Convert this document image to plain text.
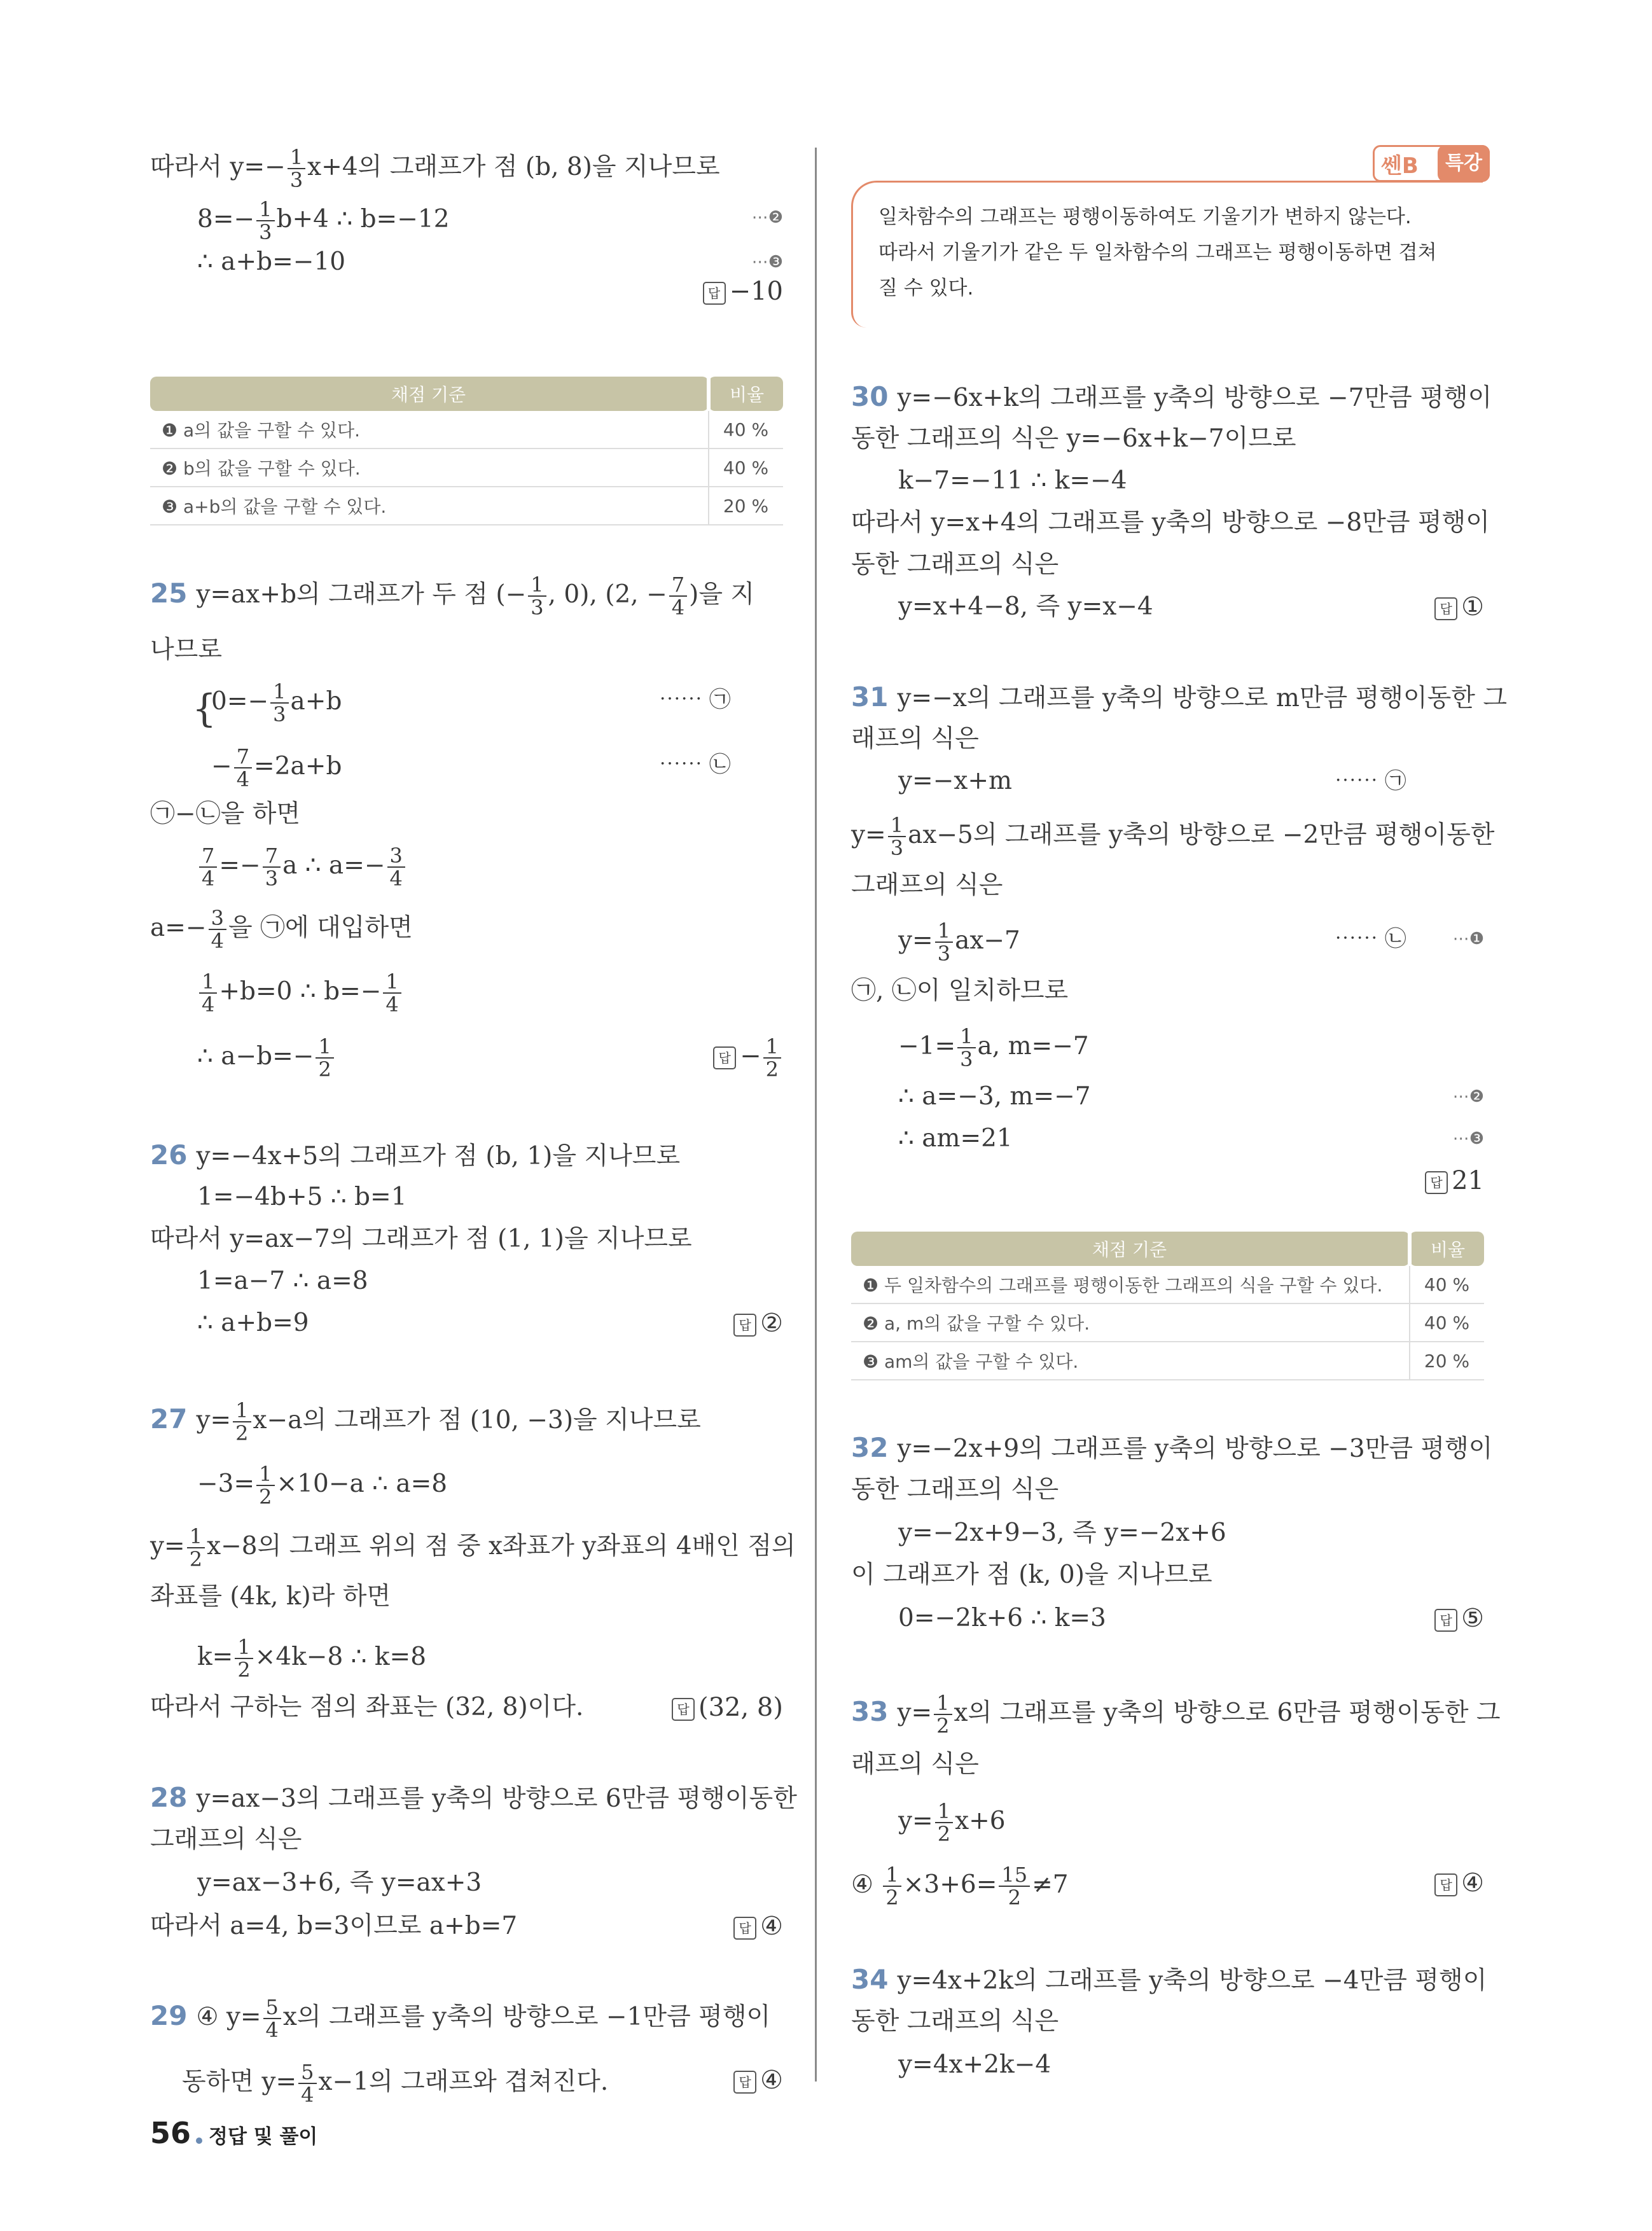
따라서 $y=- \frac{1}{3} x+4$의 그래프가 점 (b, 8)을 지나므로
$8=- \frac{1}{3} b+4$ ∴ b=−12	⋯❷
∴ a+b=−10	⋯❸
답 −10
채점 기준	비율
❶ a의 값을 구할 수 있다.	40 %
❷ b의 값을 구할 수 있다.	40 %
❸ a+b의 값을 구할 수 있다.	20 %
25 y=ax+b의 그래프가 두 점 (− $\frac{1}{3}$ , 0), (2, − $\frac{7}{4}$ )을 지
나므로
{
$0=- \frac{1}{3} a+b$	⋯⋯ ㉠
− $\frac{7}{4} =2a+b$	⋯⋯ ㉡
㉠−㉡을 하면
$\frac{7}{4} =- \frac{7}{3}$ a ∴ $a=- \frac{3}{4}$
$a=- \frac{3}{4}$ 을 ㉠에 대입하면
$\frac{1}{4} +b=0$ ∴ $b=- \frac{1}{4}$
∴ $a-b=- \frac{1}{2}$	답 − $\frac{1}{2}$
26 y=−4x+5의 그래프가 점 (b, 1)을 지나므로
1=−4b+5 ∴ b=1
따라서 y=ax−7의 그래프가 점 (1, 1)을 지나므로
1=a−7 ∴ a=8
∴ a+b=9	답 ②
27 $y= \frac{1}{2} x-a$의 그래프가 점 (10, −3)을 지나므로
$-3= \frac{1}{2} \times 10-a$ ∴ a=8
$y= \frac{1}{2} x-8$의 그래프 위의 점 중 x좌표가 y좌표의 4배인 점의
좌표를 (4k, k)라 하면
$k= \frac{1}{2} \times 4k-8$ ∴ k=8
따라서 구하는 점의 좌표는 (32, 8)이다.	답 (32, 8)
28 y=ax−3의 그래프를 y축의 방향으로 6만큼 평행이동한
그래프의 식은
y=ax−3+6, 즉 y=ax+3
따라서 a=4, b=3이므로 a+b=7	답 ④
29 ④ $y= \frac{5}{4}$ x의 그래프를 y축의 방향으로 −1만큼 평행이
동하면 $y= \frac{5}{4} x-1$의 그래프와 겹쳐진다.	답 ④
쎈B	특강
일차함수의 그래프는 평행이동하여도 기울기가 변하지 않는다.
따라서 기울기가 같은 두 일차함수의 그래프는 평행이동하면 겹쳐
질 수 있다.
30 y=−6x+k의 그래프를 y축의 방향으로 −7만큼 평행이
동한 그래프의 식은 y=−6x+k−7이므로
k−7=−11 ∴ k=−4
따라서 y=x+4의 그래프를 y축의 방향으로 −8만큼 평행이
동한 그래프의 식은
y=x+4−8, 즉 y=x−4	답 ①
31 y=−x의 그래프를 y축의 방향으로 m만큼 평행이동한 그
래프의 식은
y=−x+m	⋯⋯ ㉠
$y= \frac{1}{3} ax-5$의 그래프를 y축의 방향으로 −2만큼 평행이동한
그래프의 식은
$y= \frac{1}{3} ax-7$	⋯⋯ ㉡	⋯❶
㉠, ㉡이 일치하므로
$-1= \frac{1}{3} a$, m=−7
∴ a=−3, m=−7	⋯❷
∴ am=21	⋯❸
답 21
채점 기준	비율
❶ 두 일차함수의 그래프를 평행이동한 그래프의 식을 구할 수 있다.	40 %
❷ a, m의 값을 구할 수 있다.	40 %
❸ am의 값을 구할 수 있다.	20 %
32 y=−2x+9의 그래프를 y축의 방향으로 −3만큼 평행이
동한 그래프의 식은
y=−2x+9−3, 즉 y=−2x+6
이 그래프가 점 (k, 0)을 지나므로
0=−2k+6 ∴ k=3	답 ⑤
33 $y= \frac{1}{2}$ x의 그래프를 y축의 방향으로 6만큼 평행이동한 그
래프의 식은
$y= \frac{1}{2} x+6$
④ $\frac{1}{2} \times 3+6= \frac{15}{2} \ne 7$	답 ④
34 y=4x+2k의 그래프를 y축의 방향으로 −4만큼 평행이
동한 그래프의 식은
y=4x+2k−4
56 정답 및 풀이
